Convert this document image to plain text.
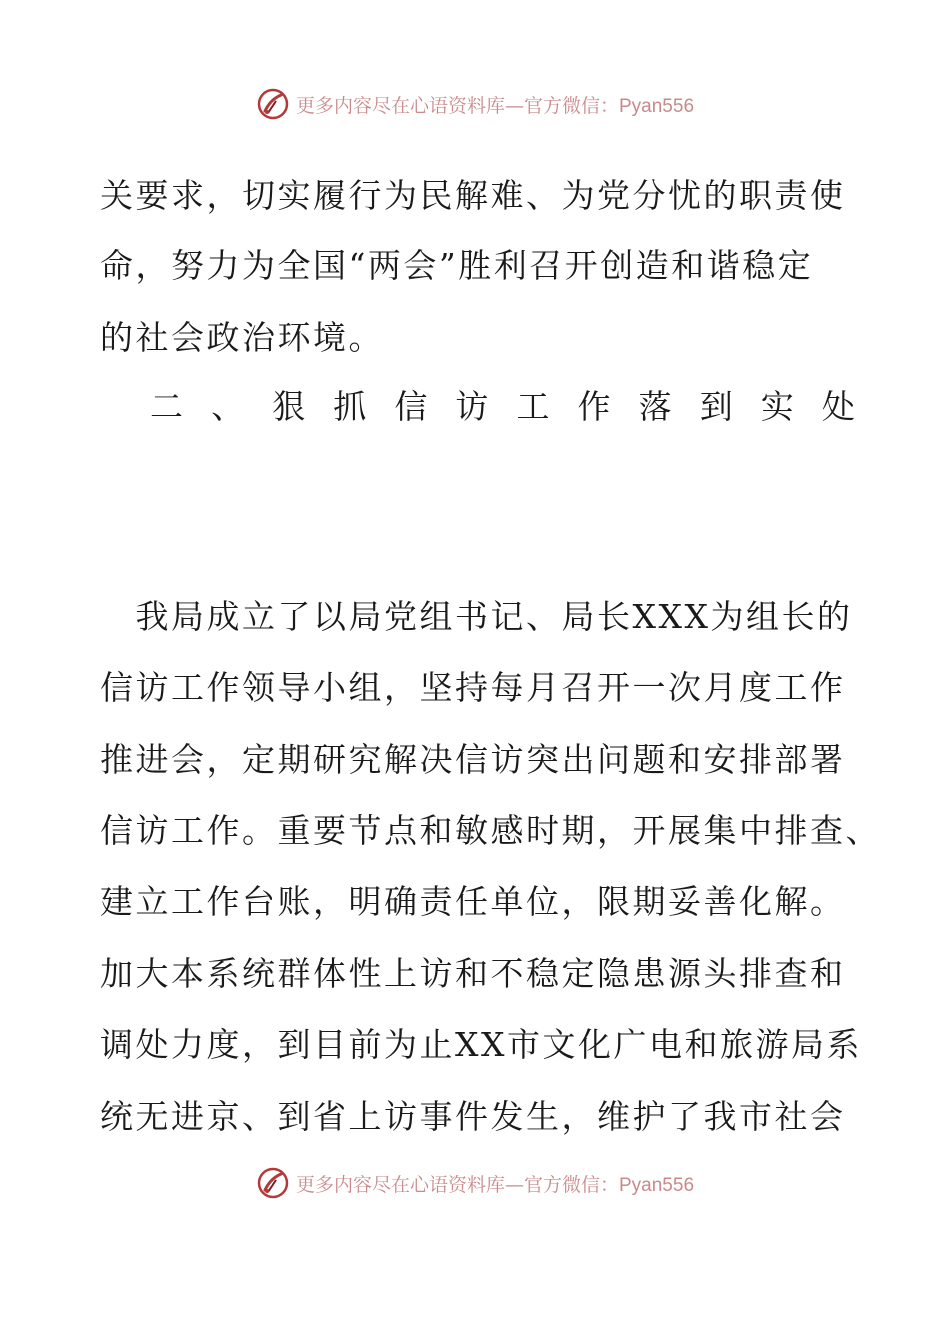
更多内容尽在心语资料库—官方微信：Pyan556
关要求，切实履行为民解难、为党分忧的职责使
命，努力为全国“两会”胜利召开创造和谐稳定
的社会政治环境。
二 、 狠 抓 信 访 工 作 落 到 实 处
　我局成立了以局党组书记、局长XXX为组长的
信访工作领导小组，坚持每月召开一次月度工作
推进会，定期研究解决信访突出问题和安排部署
信访工作。重要节点和敏感时期，开展集中排查、
建立工作台账，明确责任单位，限期妥善化解。
加大本系统群体性上访和不稳定隐患源头排查和
调处力度，到目前为止XX市文化广电和旅游局系
统无进京、到省上访事件发生，维护了我市社会
更多内容尽在心语资料库—官方微信：Pyan556
